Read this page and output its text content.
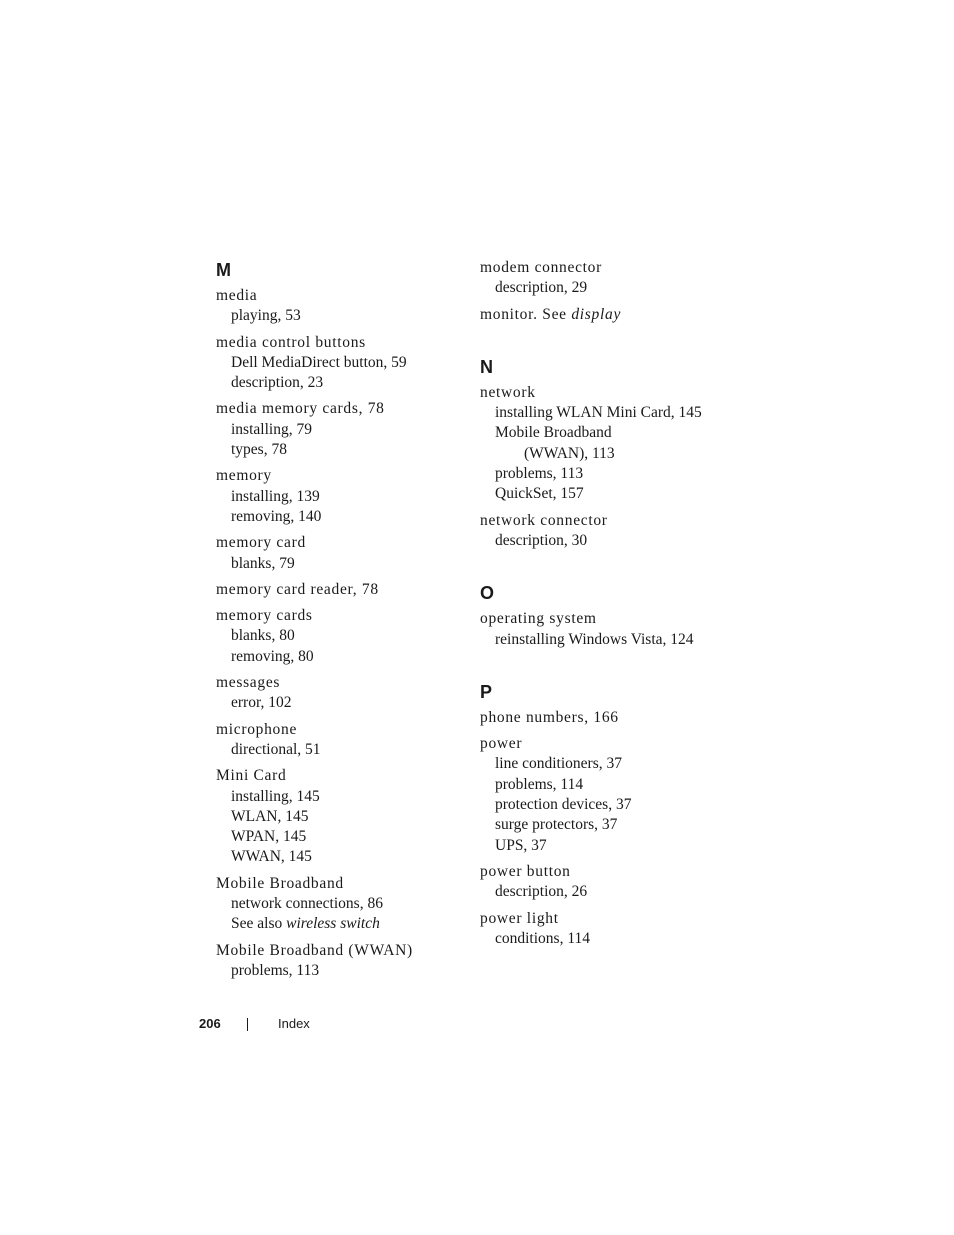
M
media
playing, 53
media control buttons
Dell MediaDirect button, 59
description, 23
media memory cards, 78
installing, 79
types, 78
memory
installing, 139
removing, 140
memory card
blanks, 79
memory card reader, 78
memory cards
blanks, 80
removing, 80
messages
error, 102
microphone
directional, 51
Mini Card
installing, 145
WLAN, 145
WPAN, 145
WWAN, 145
Mobile Broadband
network connections, 86
See also wireless switch
Mobile Broadband (WWAN)
problems, 113
modem connector
description, 29
monitor. See display
N
network
installing WLAN Mini Card, 145
Mobile Broadband
(WWAN), 113
problems, 113
QuickSet, 157
network connector
description, 30
O
operating system
reinstalling Windows Vista, 124
P
phone numbers, 166
power
line conditioners, 37
problems, 114
protection devices, 37
surge protectors, 37
UPS, 37
power button
description, 26
power light
conditions, 114
206	Index
